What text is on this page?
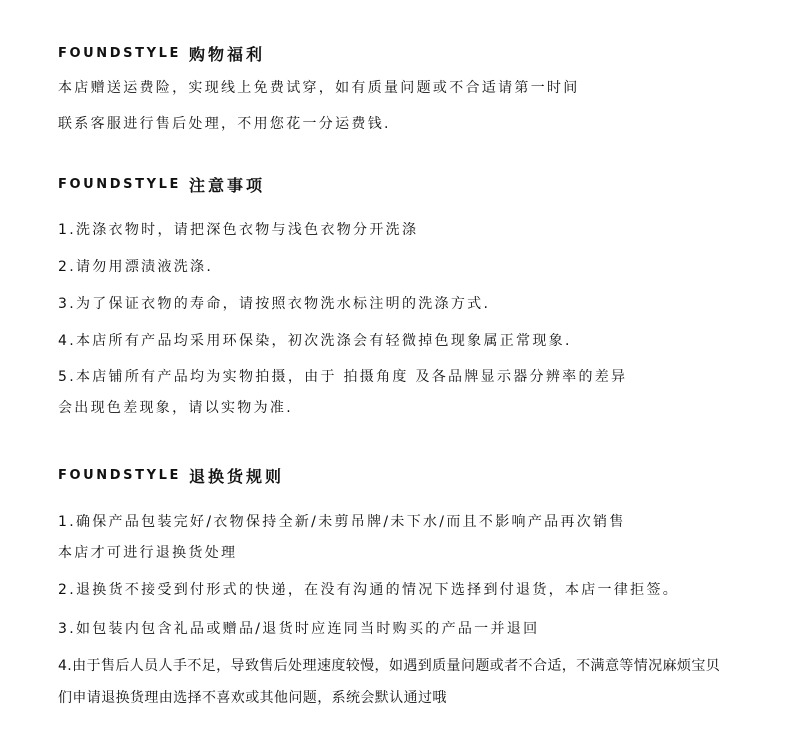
FOUNDSTYLE 购物福利
本店赠送运费险，实现线上免费试穿，如有质量问题或不合适请第一时间
联系客服进行售后处理，不用您花一分运费钱.
FOUNDSTYLE 注意事项
1.洗涤衣物时，请把深色衣物与浅色衣物分开洗涤
2.请勿用漂渍液洗涤.
3.为了保证衣物的寿命，请按照衣物洗水标注明的洗涤方式.
4.本店所有产品均采用环保染，初次洗涤会有轻微掉色现象属正常现象.
5.本店铺所有产品均为实物拍摄，由于 拍摄角度 及各品牌显示器分辨率的差异
会出现色差现象，请以实物为准.
FOUNDSTYLE 退换货规则
1.确保产品包装完好/衣物保持全新/未剪吊牌/未下水/而且不影响产品再次销售
本店才可进行退换货处理
2.退换货不接受到付形式的快递，在没有沟通的情况下选择到付退货，本店一律拒签。
3.如包装内包含礼品或赠品/退货时应连同当时购买的产品一并退回
4.由于售后人员人手不足，导致售后处理速度较慢，如遇到质量问题或者不合适，不满意等情况麻烦宝贝
们申请退换货理由选择不喜欢或其他问题，系统会默认通过哦
